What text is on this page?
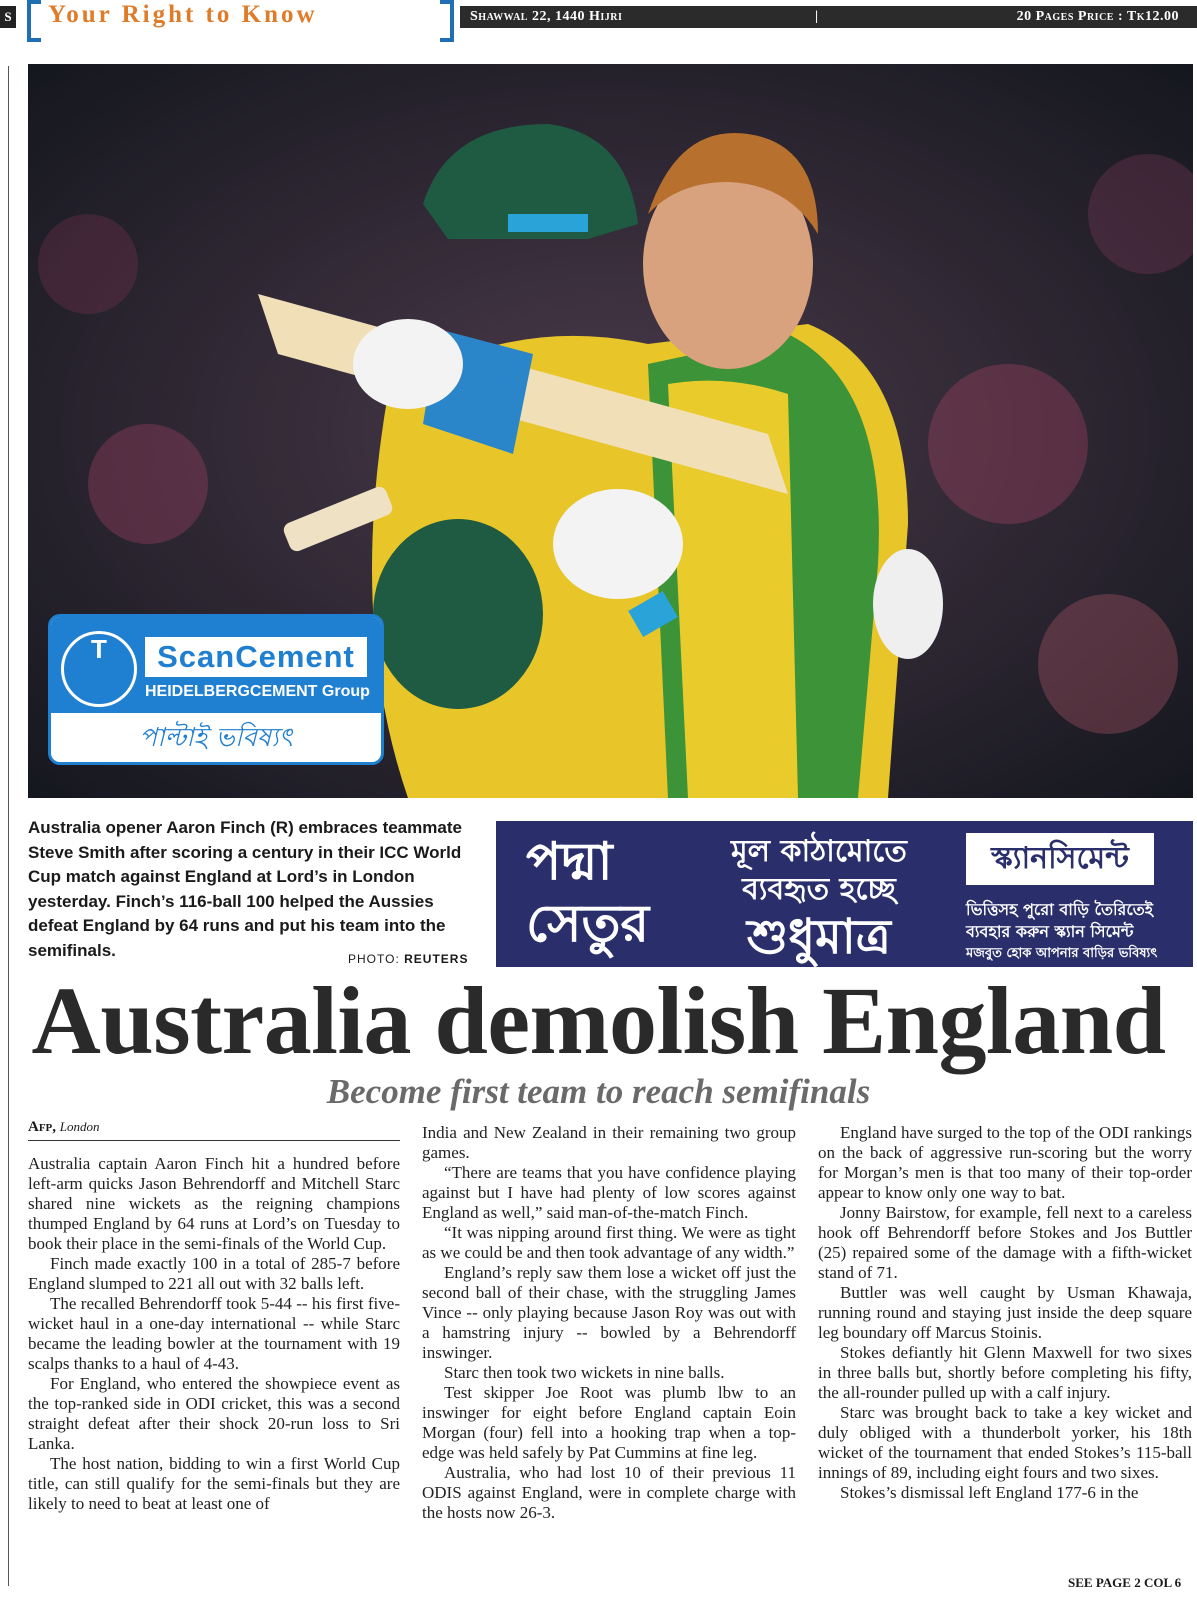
S Your Right to Know	Shawwal 22, 1440 Hijri	|	20 Pages Price : Tk12.00
T	ScanCement
HEIDELBERGCEMENT Group
পাল্টাই ভবিষ্যৎ
Australia opener Aaron Finch (R) embraces teammate Steve Smith after scoring a century in their ICC World Cup match against England at Lord’s in London yesterday. Finch’s 116-ball 100 helped the Aussies defeat England by 64 runs and put his team into the semifinals.	PHOTO: REUTERS
পদ্মা
সেতুর
মূল কাঠামোতে
ব্যবহৃত হচ্ছে
শুধুমাত্র
স্ক্যানসিমেন্ট
ভিত্তিসহ পুরো বাড়ি তৈরিতেই
ব্যবহার করুন স্ক্যান সিমেন্ট
মজবুত হোক আপনার বাড়ির ভবিষ্যৎ
Australia demolish England
Become first team to reach semifinals
Afp, London

Australia captain Aaron Finch hit a hundred before left-arm quicks Jason Behrendorff and Mitchell Starc shared nine wickets as the reigning champions thumped England by 64 runs at Lord’s on Tuesday to book their place in the semi-finals of the World Cup.

Finch made exactly 100 in a total of 285-7 before England slumped to 221 all out with 32 balls left.

The recalled Behrendorff took 5-44 -- his first five-wicket haul in a one-day international -- while Starc became the leading bowler at the tournament with 19 scalps thanks to a haul of 4-43.

For England, who entered the showpiece event as the top-ranked side in ODI cricket, this was a second straight defeat after their shock 20-run loss to Sri Lanka.

The host nation, bidding to win a first World Cup title, can still qualify for the semi-finals but they are likely to need to beat at least one of

India and New Zealand in their remaining two group games.

“There are teams that you have confidence playing against but I have had plenty of low scores against England as well,” said man-of-the-match Finch.

“It was nipping around first thing. We were as tight as we could be and then took advantage of any width.”

England’s reply saw them lose a wicket off just the second ball of their chase, with the struggling James Vince -- only playing because Jason Roy was out with a hamstring injury -- bowled by a Behrendorff inswinger.

Starc then took two wickets in nine balls.

Test skipper Joe Root was plumb lbw to an inswinger for eight before England captain Eoin Morgan (four) fell into a hooking trap when a top-edge was held safely by Pat Cummins at fine leg.

Australia, who had lost 10 of their previous 11 ODIS against England, were in complete charge with the hosts now 26-3.

England have surged to the top of the ODI rankings on the back of aggressive run-scoring but the worry for Morgan’s men is that too many of their top-order appear to know only one way to bat.

Jonny Bairstow, for example, fell next to a careless hook off Behrendorff before Stokes and Jos Buttler (25) repaired some of the damage with a fifth-wicket stand of 71.

Buttler was well caught by Usman Khawaja, running round and staying just inside the deep square leg boundary off Marcus Stoinis.

Stokes defiantly hit Glenn Maxwell for two sixes in three balls but, shortly before completing his fifty, the all-rounder pulled up with a calf injury.

Starc was brought back to take a key wicket and duly obliged with a thunderbolt yorker, his 18th wicket of the tournament that ended Stokes’s 115-ball innings of 89, including eight fours and two sixes.

Stokes’s dismissal left England 177-6 in the

SEE PAGE 2 COL 6
